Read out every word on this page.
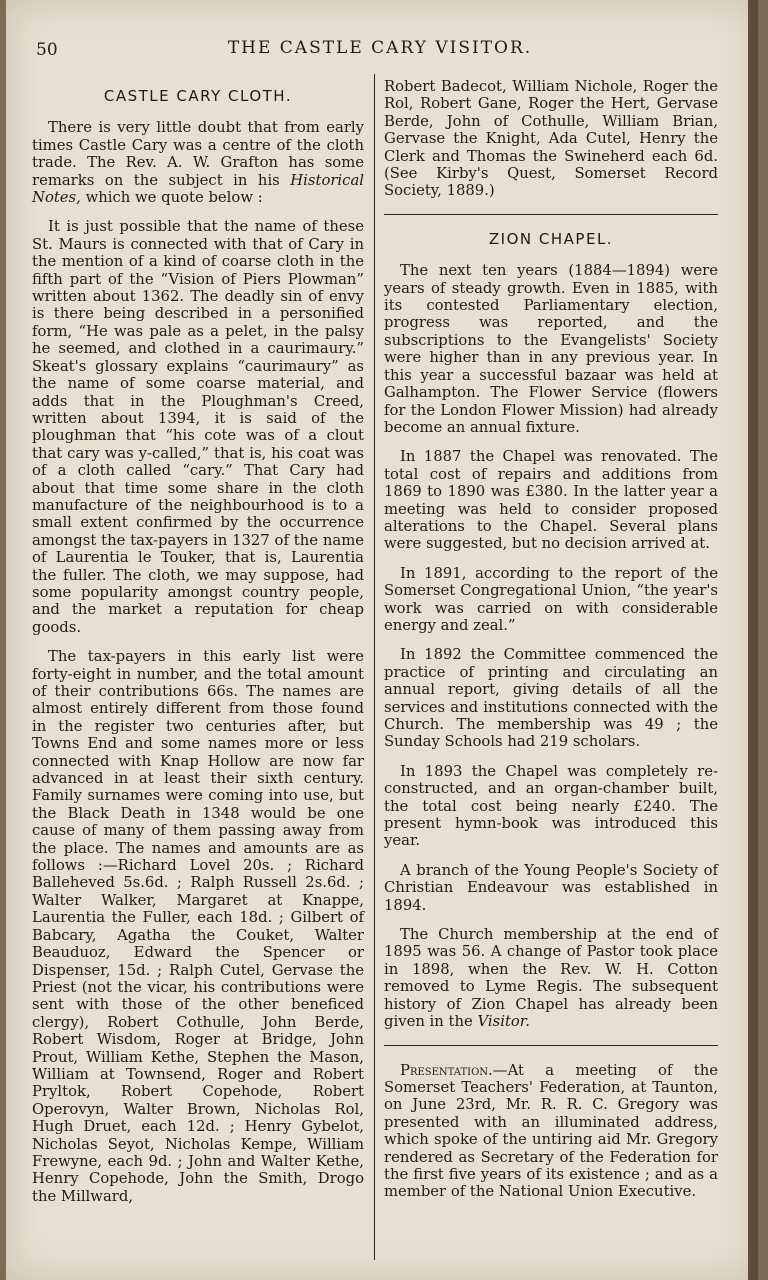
50	THE CASTLE CARY VISITOR.
CASTLE CARY CLOTH.

There is very little doubt that from early times Castle Cary was a centre of the cloth trade. The Rev. A. W. Grafton has some remarks on the subject in his Historical Notes, which we quote below :

It is just possible that the name of these St. Maurs is connected with that of Cary in the mention of a kind of coarse cloth in the fifth part of the “Vision of Piers Plowman” written about 1362. The deadly sin of envy is there being described in a personified form, “He was pale as a pelet, in the palsy he seemed, and clothed in a caurimaury.” Skeat's glossary explains “caurimaury” as the name of some coarse material, and adds that in the Ploughman's Creed, written about 1394, it is said of the ploughman that “his cote was of a clout that cary was y-called,” that is, his coat was of a cloth called “cary.” That Cary had about that time some share in the cloth manufacture of the neighbourhood is to a small extent confirmed by the occurrence amongst the tax-payers in 1327 of the name of Laurentia le Touker, that is, Laurentia the fuller. The cloth, we may suppose, had some popularity amongst country people, and the market a reputation for cheap goods.

The tax-payers in this early list were forty-eight in number, and the total amount of their contributions 66s. The names are almost entirely different from those found in the register two centuries after, but Towns End and some names more or less connected with Knap Hollow are now far advanced in at least their sixth century. Family surnames were coming into use, but the Black Death in 1348 would be one cause of many of them passing away from the place. The names and amounts are as follows :—Richard Lovel 20s. ; Richard Balleheved 5s.6d. ; Ralph Russell 2s.6d. ; Walter Walker, Margaret at Knappe, Laurentia the Fuller, each 18d. ; Gilbert of Babcary, Agatha the Couket, Walter Beauduoz, Edward the Spencer or Dispenser, 15d. ; Ralph Cutel, Gervase the Priest (not the vicar, his contributions were sent with those of the other beneficed clergy), Robert Cothulle, John Berde, Robert Wisdom, Roger at Bridge, John Prout, William Kethe, Stephen the Mason, William at Townsend, Roger and Robert Pryltok, Robert Copehode, Robert Operovyn, Walter Brown, Nicholas Rol, Hugh Druet, each 12d. ; Henry Gybelot, Nicholas Seyot, Nicholas Kempe, William Frewyne, each 9d. ; John and Walter Kethe, Henry Copehode, John the Smith, Drogo the Millward,

Robert Badecot, William Nichole, Roger the Rol, Robert Gane, Roger the Hert, Gervase Berde, John of Cothulle, William Brian, Gervase the Knight, Ada Cutel, Henry the Clerk and Thomas the Swineherd each 6d. (See Kirby's Quest, Somerset Record Society, 1889.)

ZION CHAPEL.

The next ten years (1884—1894) were years of steady growth. Even in 1885, with its contested Parliamentary election, progress was reported, and the subscriptions to the Evangelists' Society were higher than in any previous year. In this year a successful bazaar was held at Galhampton. The Flower Service (flowers for the London Flower Mission) had already become an annual fixture.

In 1887 the Chapel was renovated. The total cost of repairs and additions from 1869 to 1890 was £380. In the latter year a meeting was held to consider proposed alterations to the Chapel. Several plans were suggested, but no decision arrived at.

In 1891, according to the report of the Somerset Congregational Union, “the year's work was carried on with considerable energy and zeal.”

In 1892 the Committee commenced the practice of printing and circulating an annual report, giving details of all the services and institutions connected with the Church. The membership was 49 ; the Sunday Schools had 219 scholars.

In 1893 the Chapel was completely re-constructed, and an organ-chamber built, the total cost being nearly £240. The present hymn-book was introduced this year.

A branch of the Young People's Society of Christian Endeavour was established in 1894.

The Church membership at the end of 1895 was 56. A change of Pastor took place in 1898, when the Rev. W. H. Cotton removed to Lyme Regis. The subsequent history of Zion Chapel has already been given in the Visitor.

Presentation.—At a meeting of the Somerset Teachers' Federation, at Taunton, on June 23rd, Mr. R. R. C. Gregory was presented with an illuminated address, which spoke of the untiring aid Mr. Gregory rendered as Secretary of the Federation for the first five years of its existence ; and as a member of the National Union Executive.
